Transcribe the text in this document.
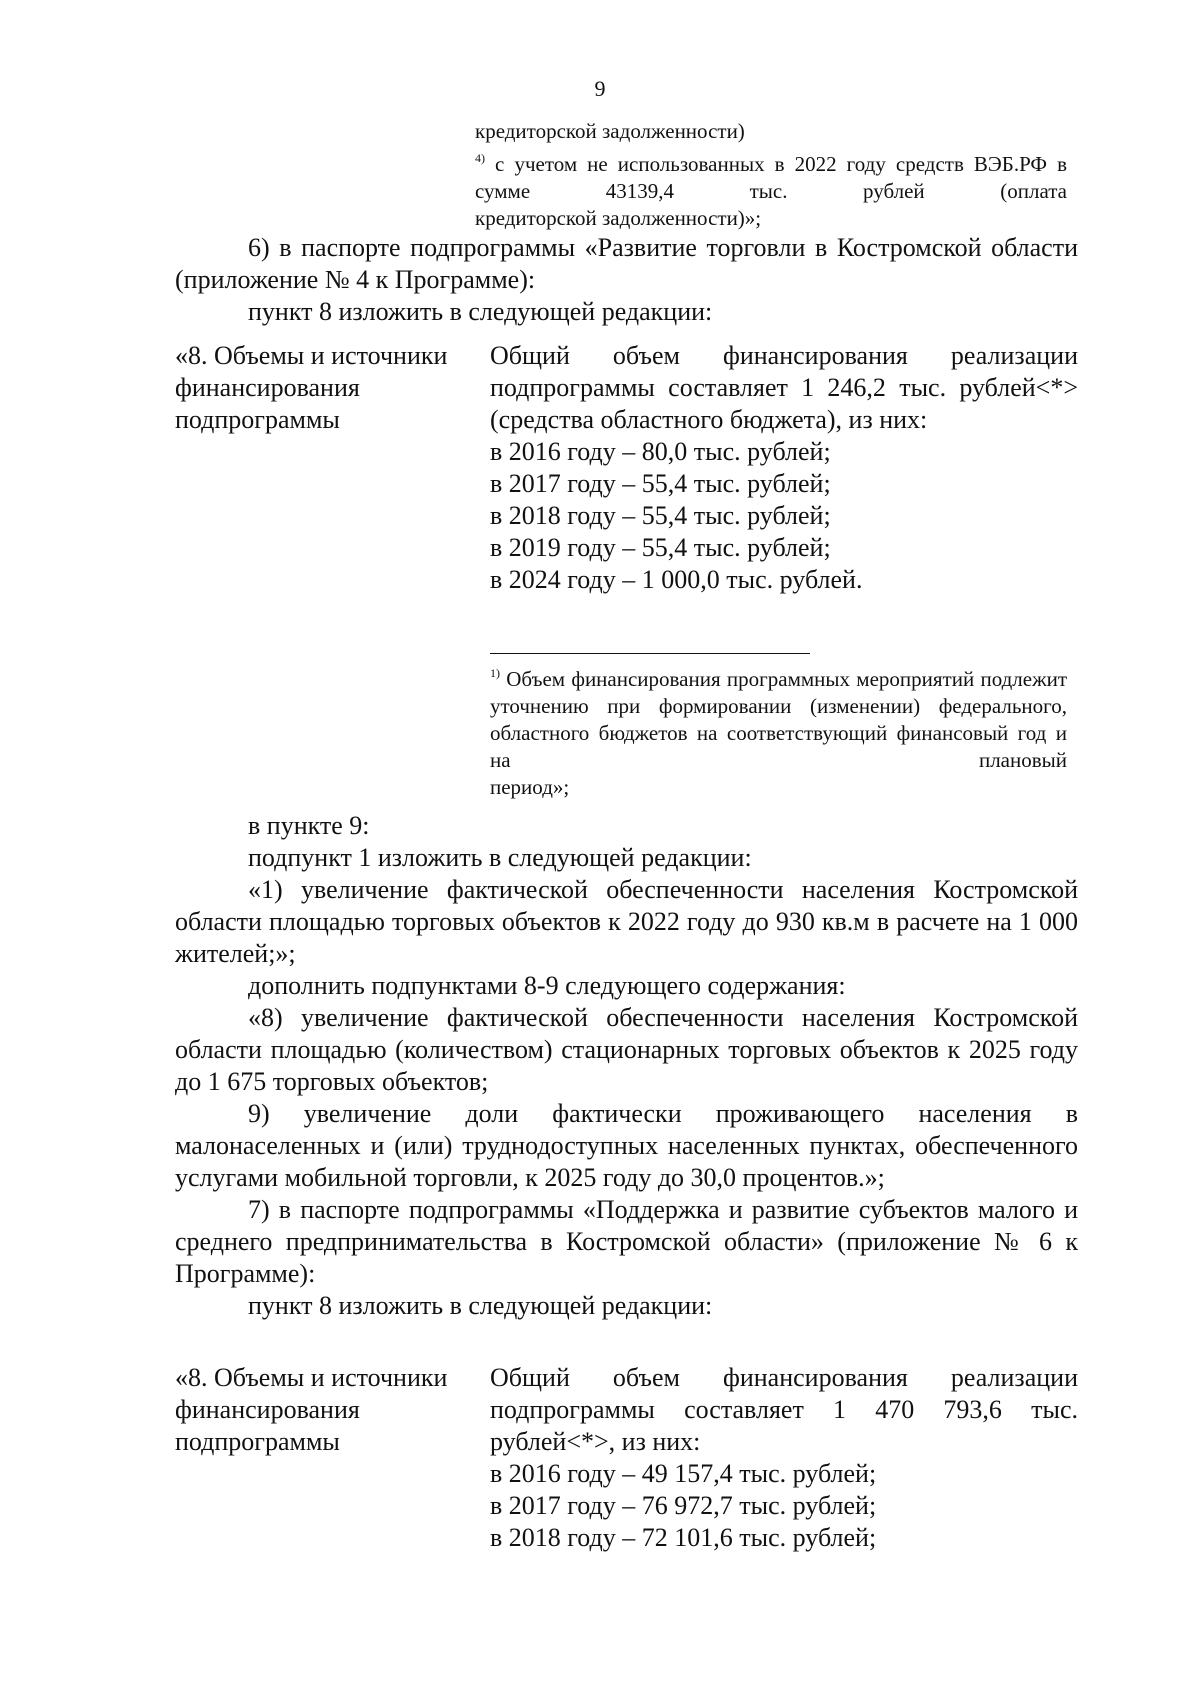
9

кредиторской задолженности)

$^{4)}$ с учетом не использованных в 2022 году средств ВЭБ.РФ в сумме 43139,4 тыс. рублей (оплата

кредиторской задолженности)»;

6) в паспорте подпрограммы «Развитие торговли в Костромской области (приложение № 4 к Программе):

пункт 8 изложить в следующей редакции:

«8. Объемы и источники
финансирования
подпрограммы

Общий объем финансирования реализации подпрограммы составляет 1 246,2 тыс. рублей<*> (средства областного бюджета), из них:

в 2016 году – 80,0 тыс. рублей;
в 2017 году – 55,4 тыс. рублей;
в 2018 году – 55,4 тыс. рублей;
в 2019 году – 55,4 тыс. рублей;
в 2024 году – 1 000,0 тыс. рублей.

$^{1)}$ Объем финансирования программных мероприятий подлежит уточнению при формировании (изменении) федерального, областного бюджетов на соответствующий финансовый год и на плановый

период»;

в пункте 9:

подпункт 1 изложить в следующей редакции:

«1) увеличение фактической обеспеченности населения Костромской области площадью торговых объектов к 2022 году до 930 кв.м в расчете на 1 000 жителей;»;

дополнить подпунктами 8-9 следующего содержания:

«8) увеличение фактической обеспеченности населения Костромской области площадью (количеством) стационарных торговых объектов к 2025 году до 1 675 торговых объектов;

9) увеличение доли фактически проживающего населения в малонаселенных и (или) труднодоступных населенных пунктах, обеспеченного услугами мобильной торговли, к 2025 году до 30,0 процентов.»;

7) в паспорте подпрограммы «Поддержка и развитие субъектов малого и среднего предпринимательства в Костромской области» (приложение № 6 к Программе):

пункт 8 изложить в следующей редакции:

«8. Объемы и источники
финансирования
подпрограммы

Общий объем финансирования реализации подпрограммы составляет 1 470 793,6 тыс. рублей<*>, из них:

в 2016 году – 49 157,4 тыс. рублей;
в 2017 году – 76 972,7 тыс. рублей;
в 2018 году – 72 101,6 тыс. рублей;
